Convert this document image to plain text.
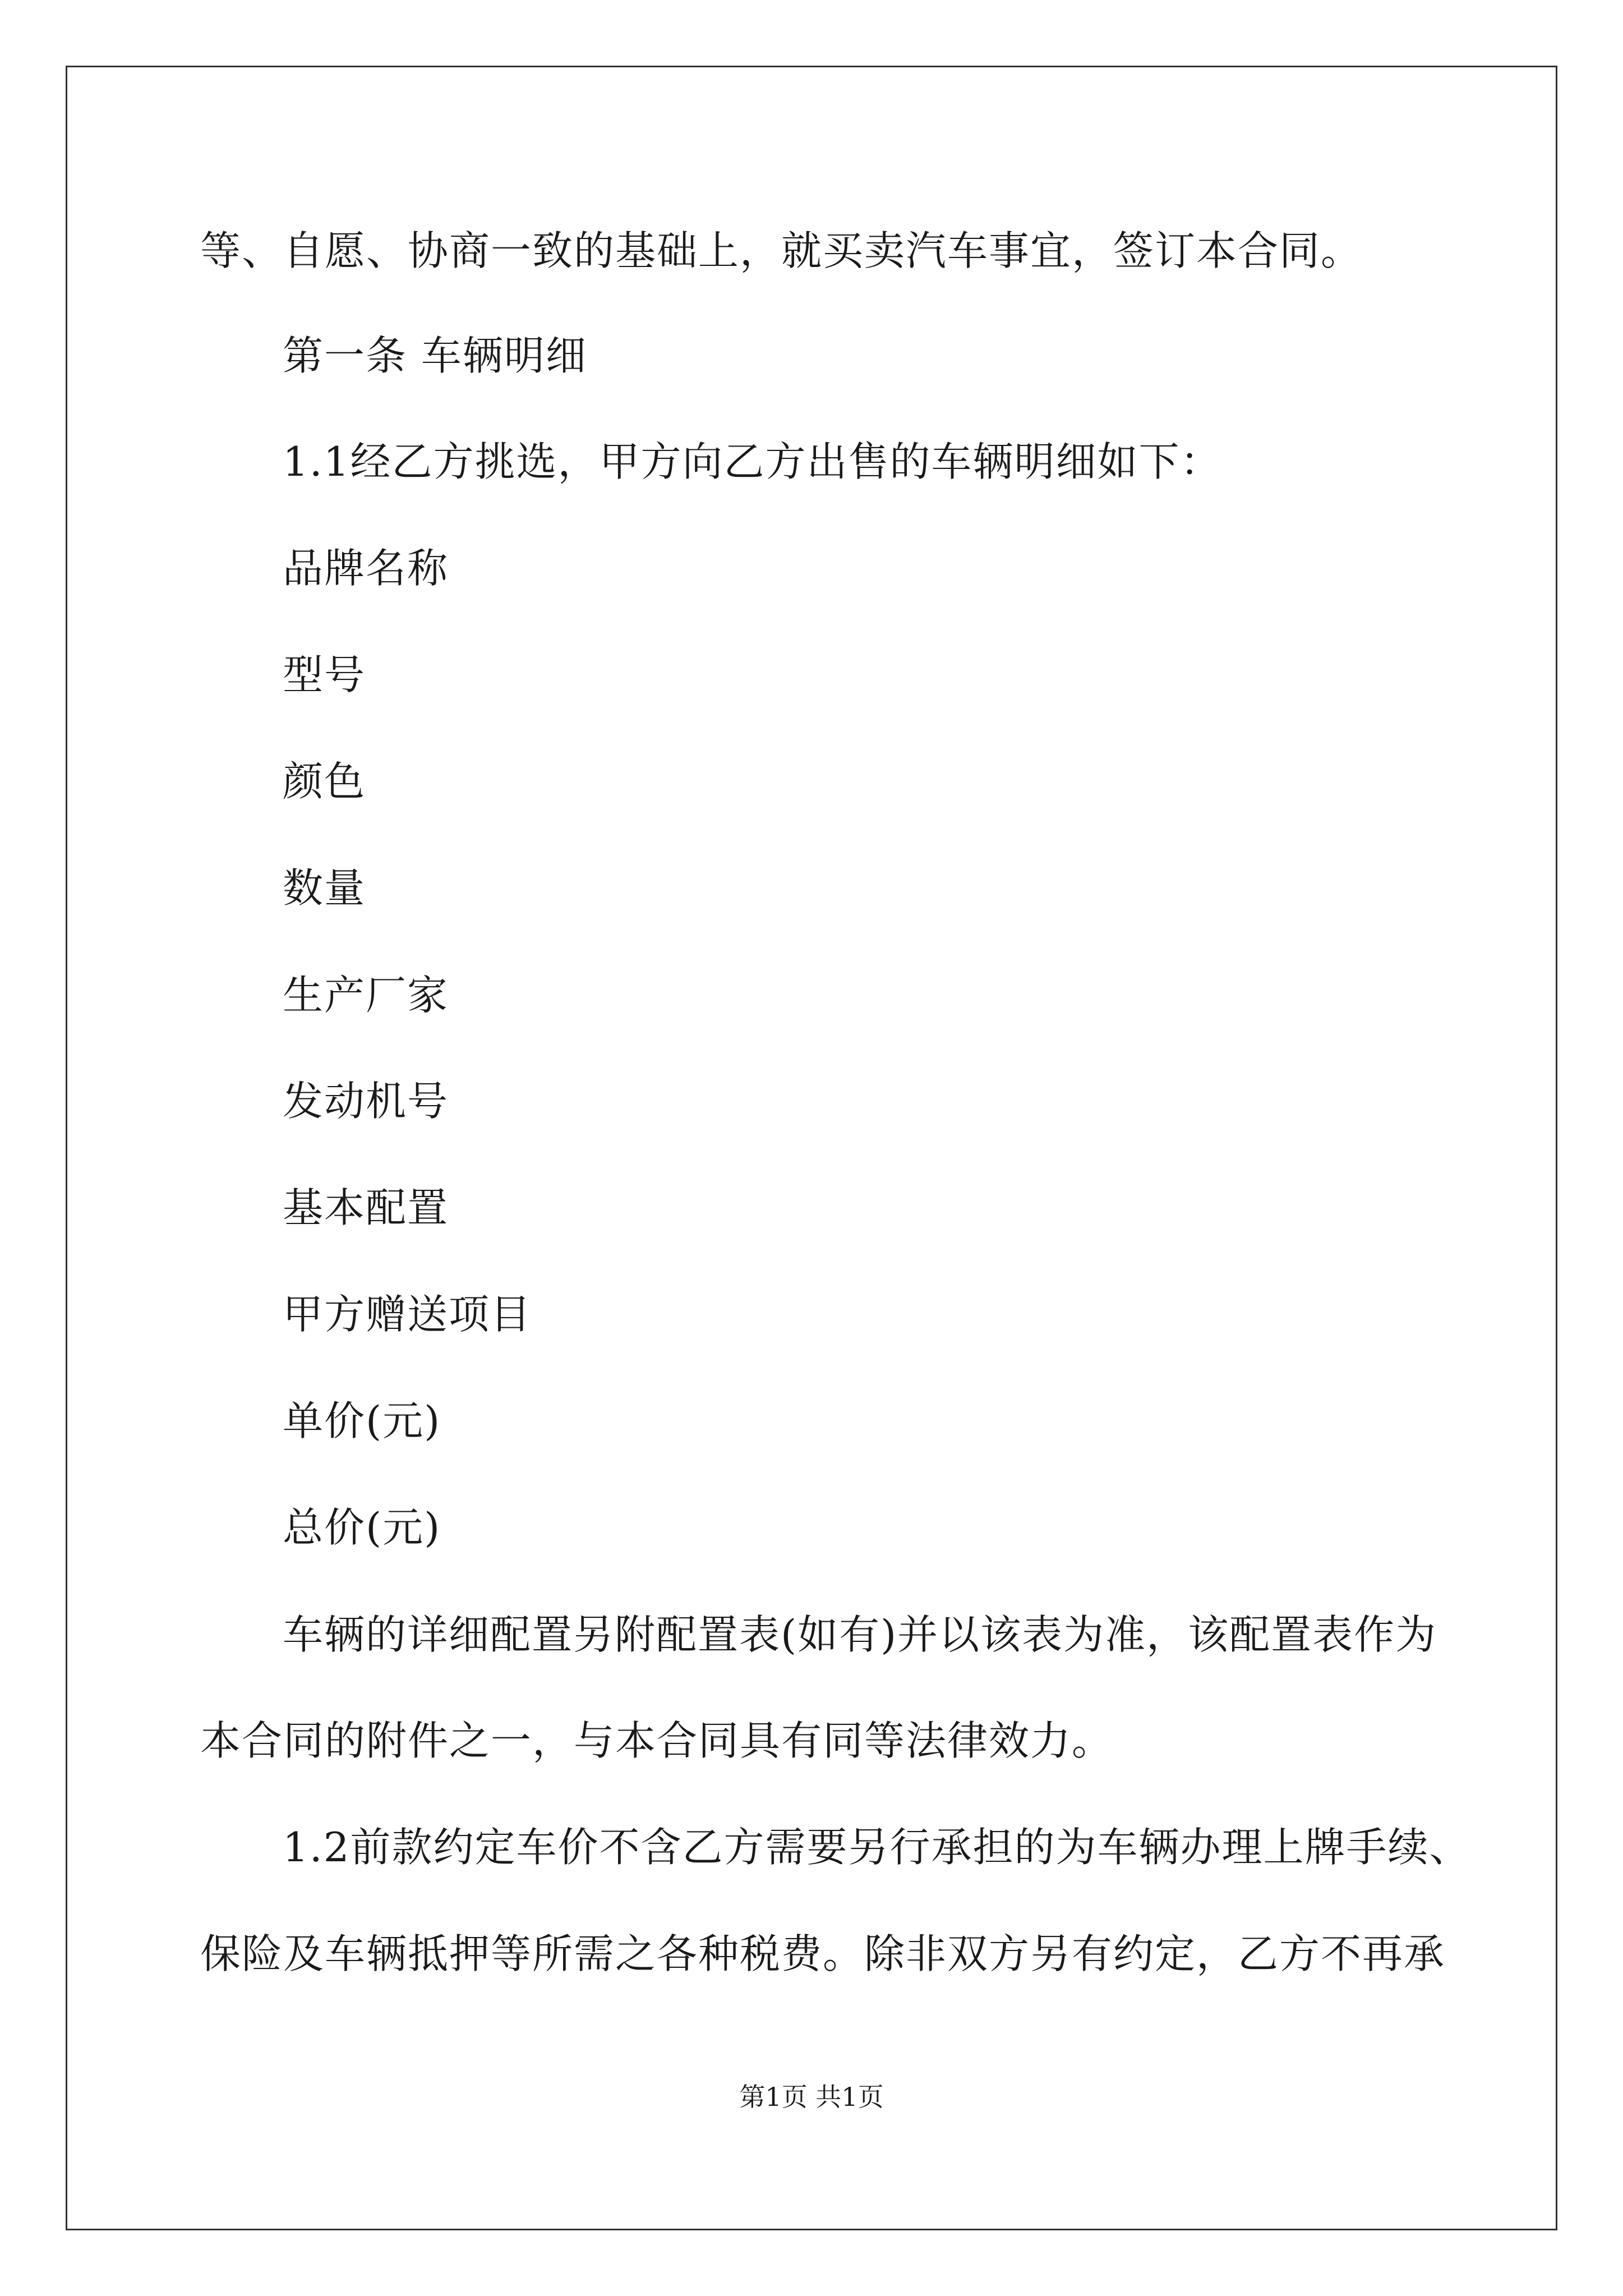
等、自愿、协商一致的基础上，就买卖汽车事宜，签订本合同。
第一条 车辆明细
1.1经乙方挑选，甲方向乙方出售的车辆明细如下：
品牌名称
型号
颜色
数量
生产厂家
发动机号
基本配置
甲方赠送项目
单价(元)
总价(元)
车辆的详细配置另附配置表(如有)并以该表为准，该配置表作为
本合同的附件之一，与本合同具有同等法律效力。
1.2前款约定车价不含乙方需要另行承担的为车辆办理上牌手续、
保险及车辆抵押等所需之各种税费。除非双方另有约定，乙方不再承
第1页 共1页
